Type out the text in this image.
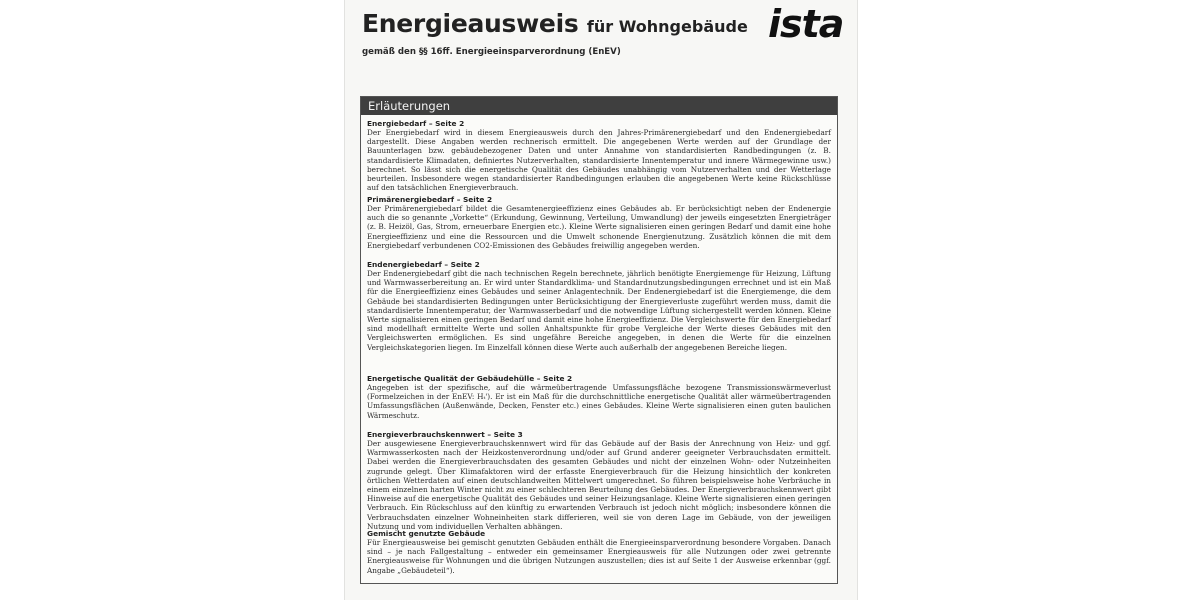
Energieausweis für Wohngebäude
gemäß den §§ 16ff. Energieeinsparverordnung (EnEV)
ista
Erläuterungen
Energiebedarf – Seite 2

Der Energiebedarf wird in diesem Energieausweis durch den Jahres-Primärenergiebedarf und den Endenergiebedarf dargestellt. Diese Angaben werden rechnerisch ermittelt. Die angegebenen Werte werden auf der Grundlage der Bauunterlagen bzw. gebäudebezogener Daten und unter Annahme von standardisierten Randbedingungen (z. B. standardisierte Klimadaten, definiertes Nutzerverhalten, standardisierte Innentemperatur und innere Wärmegewinne usw.) berechnet. So lässt sich die energetische Qualität des Gebäudes unabhängig vom Nutzerverhalten und der Wetterlage beurteilen. Insbesondere wegen standardisierter Randbedingungen erlauben die angegebenen Werte keine Rückschlüsse auf den tatsächlichen Energieverbrauch.

Primärenergiebedarf – Seite 2

Der Primärenergiebedarf bildet die Gesamtenergieeffizienz eines Gebäudes ab. Er berücksichtigt neben der Endenergie auch die so genannte „Vorkette“ (Erkundung, Gewinnung, Verteilung, Umwandlung) der jeweils eingesetzten Energieträger (z. B. Heizöl, Gas, Strom, erneuerbare Energien etc.). Kleine Werte signalisieren einen geringen Bedarf und damit eine hohe Energieeffizienz und eine die Ressourcen und die Umwelt schonende Energienutzung. Zusätzlich können die mit dem Energiebedarf verbundenen CO2-Emissionen des Gebäudes freiwillig angegeben werden.

Endenergiebedarf – Seite 2

Der Endenergiebedarf gibt die nach technischen Regeln berechnete, jährlich benötigte Energiemenge für Heizung, Lüftung und Warmwasserbereitung an. Er wird unter Standardklima- und Standardnutzungsbedingungen errechnet und ist ein Maß für die Energieeffizienz eines Gebäudes und seiner Anlagentechnik. Der Endenergiebedarf ist die Energiemenge, die dem Gebäude bei standardisierten Bedingungen unter Berücksichtigung der Energieverluste zugeführt werden muss, damit die standardisierte Innentemperatur, der Warmwasserbedarf und die notwendige Lüftung sichergestellt werden können. Kleine Werte signalisieren einen geringen Bedarf und damit eine hohe Energieeffizienz. Die Vergleichswerte für den Energiebedarf sind modellhaft ermittelte Werte und sollen Anhaltspunkte für grobe Vergleiche der Werte dieses Gebäudes mit den Vergleichswerten ermöglichen. Es sind ungefähre Bereiche angegeben, in denen die Werte für die einzelnen Vergleichskategorien liegen. Im Einzelfall können diese Werte auch außerhalb der angegebenen Bereiche liegen.

Energetische Qualität der Gebäudehülle – Seite 2

Angegeben ist der spezifische, auf die wärmeübertragende Umfassungsfläche bezogene Transmissionswärmeverlust (Formelzeichen in der EnEV: Hₜ'). Er ist ein Maß für die durchschnittliche energetische Qualität aller wärmeübertragenden Umfassungsflächen (Außenwände, Decken, Fenster etc.) eines Gebäudes. Kleine Werte signalisieren einen guten baulichen Wärmeschutz.

Energieverbrauchskennwert – Seite 3

Der ausgewiesene Energieverbrauchskennwert wird für das Gebäude auf der Basis der Anrechnung von Heiz- und ggf. Warmwasserkosten nach der Heizkostenverordnung und/oder auf Grund anderer geeigneter Verbrauchsdaten ermittelt. Dabei werden die Energieverbrauchsdaten des gesamten Gebäudes und nicht der einzelnen Wohn- oder Nutzeinheiten zugrunde gelegt. Über Klimafaktoren wird der erfasste Energieverbrauch für die Heizung hinsichtlich der konkreten örtlichen Wetterdaten auf einen deutschlandweiten Mittelwert umgerechnet. So führen beispielsweise hohe Verbräuche in einem einzelnen harten Winter nicht zu einer schlechteren Beurteilung des Gebäudes. Der Energieverbrauchskennwert gibt Hinweise auf die energetische Qualität des Gebäudes und seiner Heizungsanlage. Kleine Werte signalisieren einen geringen Verbrauch. Ein Rückschluss auf den künftig zu erwartenden Verbrauch ist jedoch nicht möglich; insbesondere können die Verbrauchsdaten einzelner Wohneinheiten stark differieren, weil sie von deren Lage im Gebäude, von der jeweiligen Nutzung und vom individuellen Verhalten abhängen.

Gemischt genutzte Gebäude

Für Energieausweise bei gemischt genutzten Gebäuden enthält die Energieeinsparverordnung besondere Vorgaben. Danach sind – je nach Fallgestaltung – entweder ein gemeinsamer Energieausweis für alle Nutzungen oder zwei getrennte Energieausweise für Wohnungen und die übrigen Nutzungen auszustellen; dies ist auf Seite 1 der Ausweise erkennbar (ggf. Angabe „Gebäudeteil“).
